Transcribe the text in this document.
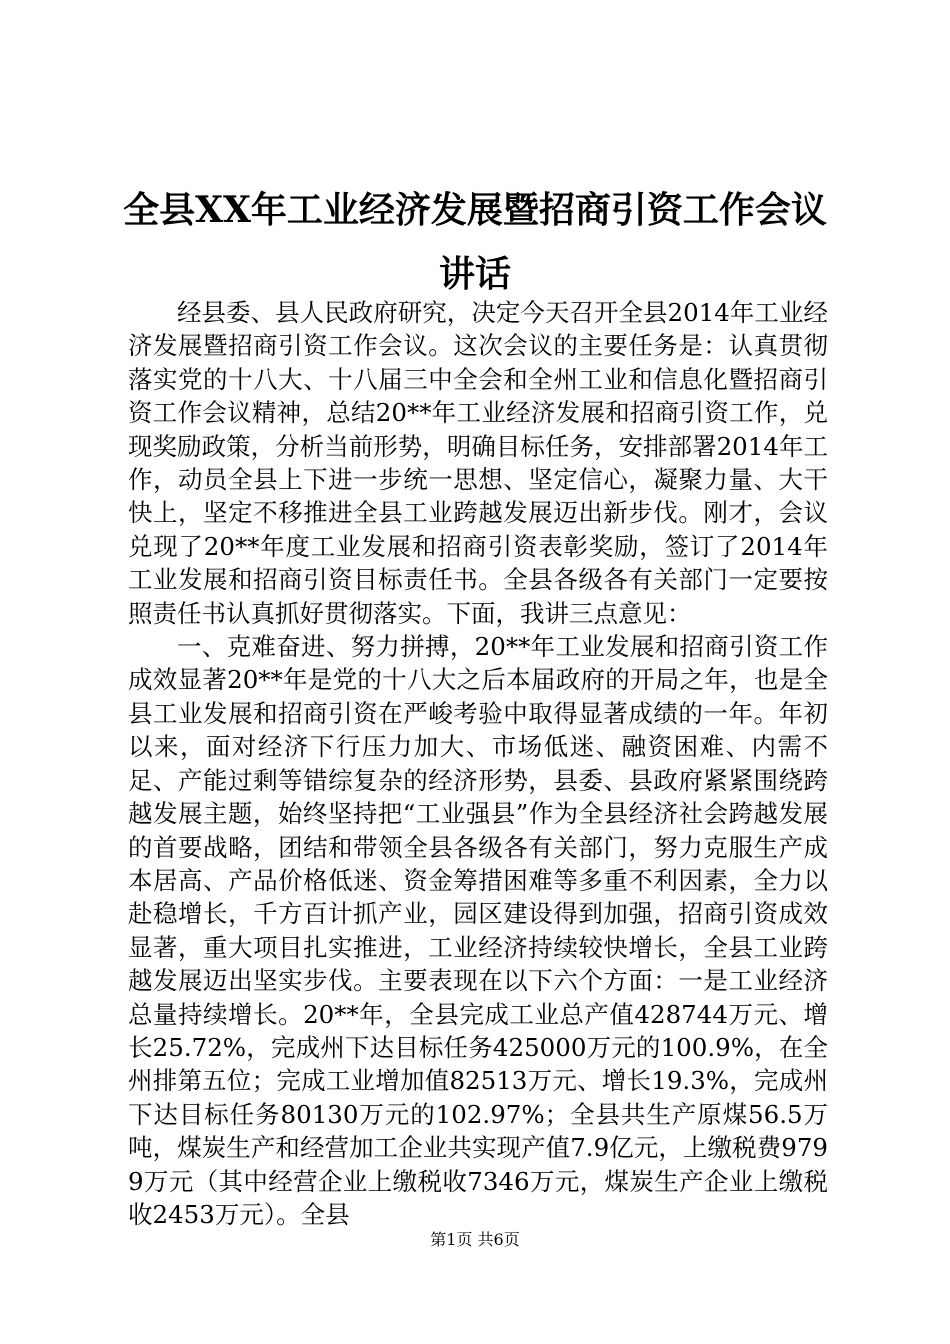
全县XX年工业经济发展暨招商引资工作会议
讲话

经县委、县人民政府研究，决定今天召开全县2014年工业经济发展暨招商引资工作会议。这次会议的主要任务是：认真贯彻落实党的十八大、十八届三中全会和全州工业和信息化暨招商引资工作会议精神，总结20**年工业经济发展和招商引资工作，兑现奖励政策，分析当前形势，明确目标任务，安排部署2014年工作，动员全县上下进一步统一思想、坚定信心，凝聚力量、大干快上，坚定不移推进全县工业跨越发展迈出新步伐。刚才，会议兑现了20**年度工业发展和招商引资表彰奖励，签订了2014年工业发展和招商引资目标责任书。全县各级各有关部门一定要按照责任书认真抓好贯彻落实。下面，我讲三点意见：

一、克难奋进、努力拼搏，20**年工业发展和招商引资工作成效显著20**年是党的十八大之后本届政府的开局之年，也是全县工业发展和招商引资在严峻考验中取得显著成绩的一年。年初以来，面对经济下行压力加大、市场低迷、融资困难、内需不足、产能过剩等错综复杂的经济形势，县委、县政府紧紧围绕跨越发展主题，始终坚持把“工业强县”作为全县经济社会跨越发展的首要战略，团结和带领全县各级各有关部门，努力克服生产成本居高、产品价格低迷、资金筹措困难等多重不利因素，全力以赴稳增长，千方百计抓产业，园区建设得到加强，招商引资成效显著，重大项目扎实推进，工业经济持续较快增长，全县工业跨越发展迈出坚实步伐。主要表现在以下六个方面：一是工业经济总量持续增长。20**年，全县完成工业总产值428744万元、增长25.72%，完成州下达目标任务425000万元的100.9%，在全州排第五位；完成工业增加值82513万元、增长19.3%，完成州下达目标任务80130万元的102.97%；全县共生产原煤56.5万吨，煤炭生产和经营加工企业共实现产值7.9亿元，上缴税费9799万元（其中经营企业上缴税收7346万元，煤炭生产企业上缴税收2453万元）。全县

第1页 共6页
